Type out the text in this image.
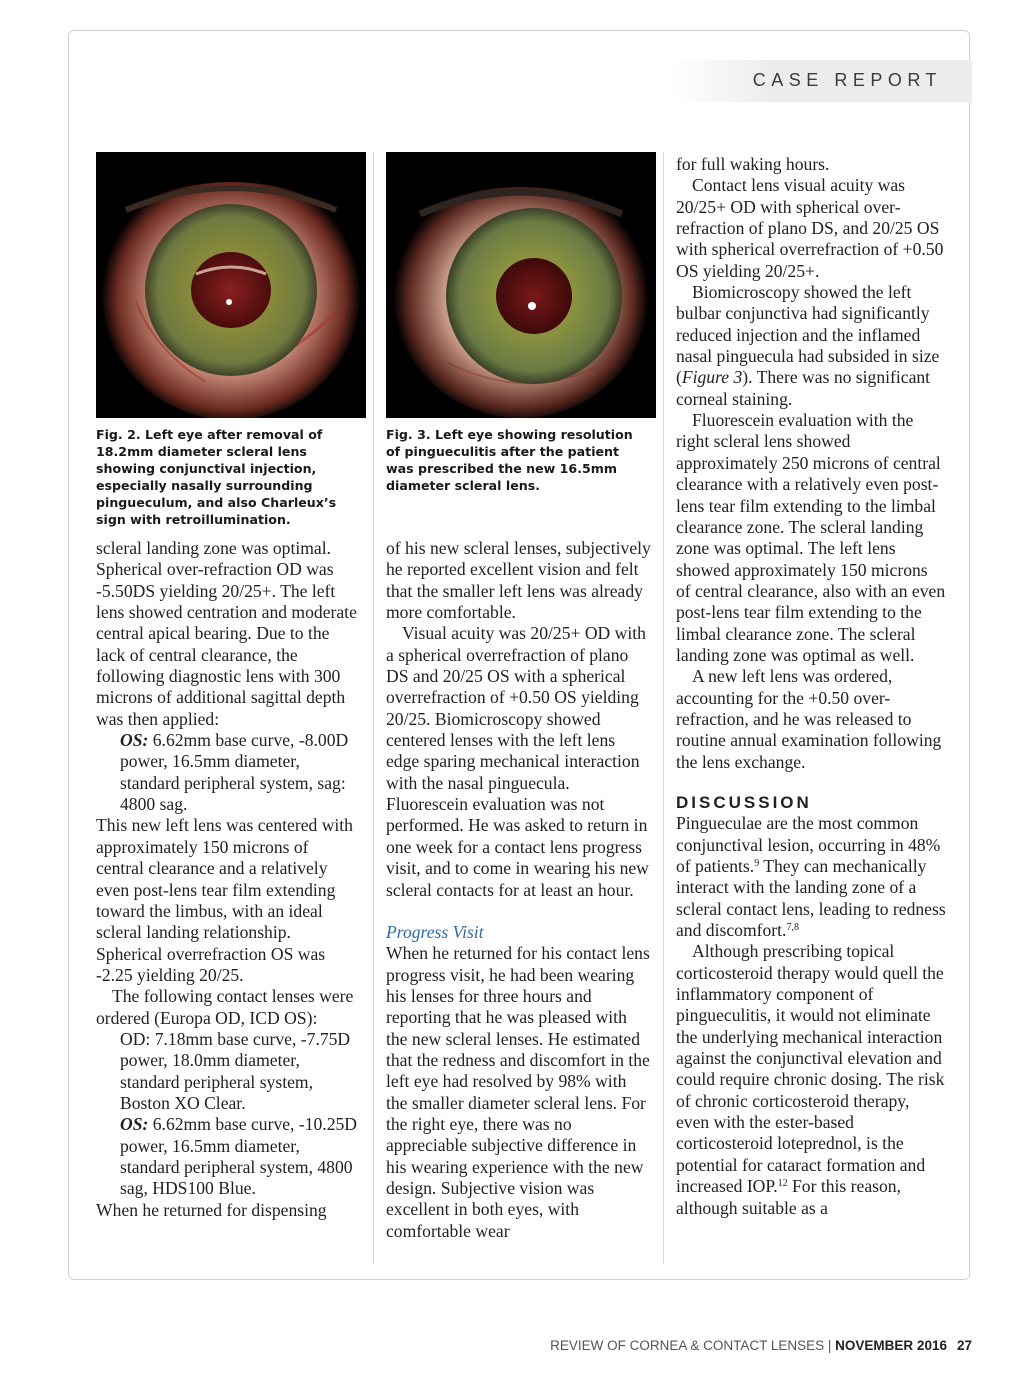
CASE REPORT
Fig. 2. Left eye after removal of 18.2mm diameter scleral lens showing conjunctival injection, especially nasally surrounding pingueculum, and also Charleux’s sign with retroillumination.
Fig. 3. Left eye showing resolution of pingueculitis after the patient was prescribed the new 16.5mm diameter scleral lens.

scleral landing zone was optimal. Spherical over-refraction OD was -5.50DS yielding 20/25+. The left lens showed centration and moderate central apical bearing. Due to the lack of central clearance, the following diagnostic lens with 300 microns of additional sagittal depth was then applied:

OS: 6.62mm base curve, -8.00D power, 16.5mm diameter, standard peripheral system, sag: 4800 sag.

This new left lens was centered with approximately 150 microns of central clearance and a relatively even post-lens tear film extending toward the limbus, with an ideal scleral landing relationship. Spherical overrefraction OS was -2.25 yielding 20/25.

The following contact lenses were ordered (Europa OD, ICD OS):

OD: 7.18mm base curve, -7.75D power, 18.0mm diameter, standard peripheral system, Boston XO Clear.

OS: 6.62mm base curve, -10.25D power, 16.5mm diameter, standard peripheral system, 4800 sag, HDS100 Blue.

When he returned for dispensing

of his new scleral lenses, subjectively he reported excellent vision and felt that the smaller left lens was already more comfortable.

Visual acuity was 20/25+ OD with a spherical overrefraction of plano DS and 20/25 OS with a spherical overrefraction of +0.50 OS yielding 20/25. Biomicroscopy showed centered lenses with the left lens edge sparing mechanical interaction with the nasal pinguecula. Fluorescein evaluation was not performed. He was asked to return in one week for a contact lens progress visit, and to come in wearing his new scleral contacts for at least an hour.

Progress Visit

When he returned for his contact lens progress visit, he had been wearing his lenses for three hours and reporting that he was pleased with the new scleral lenses. He estimated that the redness and discomfort in the left eye had resolved by 98% with the smaller diameter scleral lens. For the right eye, there was no appreciable subjective difference in his wearing experience with the new design. Subjective vision was excellent in both eyes, with comfortable wear

for full waking hours.

Contact lens visual acuity was 20/25+ OD with spherical over-refraction of plano DS, and 20/25 OS with spherical overrefraction of +0.50 OS yielding 20/25+.

Biomicroscopy showed the left bulbar conjunctiva had significantly reduced injection and the inflamed nasal pinguecula had subsided in size (Figure 3). There was no significant corneal staining.

Fluorescein evaluation with the right scleral lens showed approximately 250 microns of central clearance with a relatively even post-lens tear film extending to the limbal clearance zone. The scleral landing zone was optimal. The left lens showed approximately 150 microns of central clearance, also with an even post-lens tear film extending to the limbal clearance zone. The scleral landing zone was optimal as well.

A new left lens was ordered, accounting for the +0.50 over-refraction, and he was released to routine annual examination following the lens exchange.

DISCUSSION

Pingueculae are the most common conjunctival lesion, occurring in 48% of patients.$^9$ They can mechanically interact with the landing zone of a scleral contact lens, leading to redness and discomfort.$^{7,8}$

Although prescribing topical corticosteroid therapy would quell the inflammatory component of pingueculitis, it would not eliminate the underlying mechanical interaction against the conjunctival elevation and could require chronic dosing. The risk of chronic corticosteroid therapy, even with the ester-based corticosteroid loteprednol, is the potential for cataract formation and increased IOP.$^{12}$ For this reason, although suitable as a

REVIEW OF CORNEA & CONTACT LENSES | NOVEMBER 2016 27
